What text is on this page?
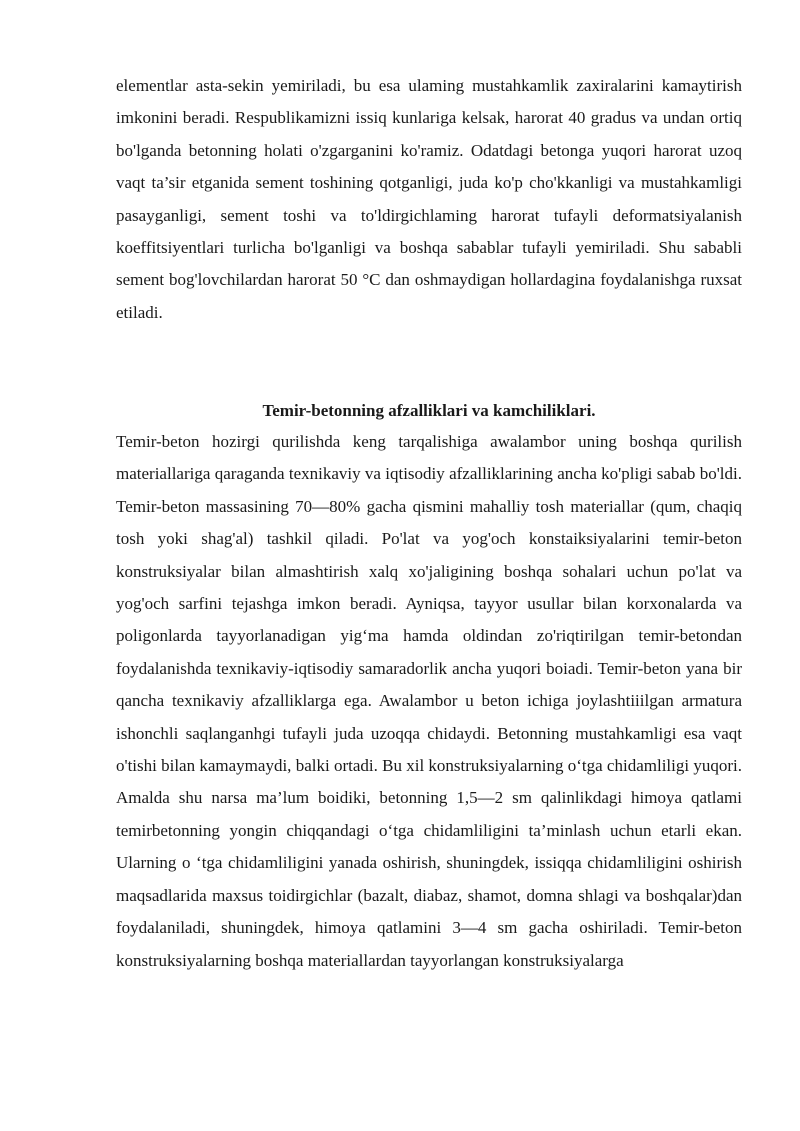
elementlar asta-sekin yemiriladi, bu esa ulaming mustahkamlik zaxiralarini kamaytirish imkonini beradi. Respublikamizni issiq kunlariga kelsak, harorat 40 gradus va undan ortiq bo'lganda betonning holati o'zgarganini ko'ramiz. Odatdagi betonga yuqori harorat uzoq vaqt ta’sir etganida sement toshining qotganligi, juda ko'p cho'kkanligi va mustahkamligi pasayganligi, sement toshi va to'ldirgichlaming harorat tufayli deformatsiyalanish koeffitsiyentlari turlicha bo'lganligi va boshqa sabablar tufayli yemiriladi. Shu sababli sement bog'lovchilardan harorat 50 °C dan oshmaydigan hollardagina foydalanishga ruxsat etiladi.

Temir-betonning afzalliklari va kamchiliklari.

Temir-beton hozirgi qurilishda keng tarqalishiga awalambor uning boshqa qurilish materiallariga qaraganda texnikaviy va iqtisodiy afzalliklarining ancha ko'pligi sabab bo'ldi. Temir-beton massasining 70—80% gacha qismini mahalliy tosh materiallar (qum, chaqiq tosh yoki shag'al) tashkil qiladi. Po'lat va yog'och konstaiksiyalarini temir-beton konstruksiyalar bilan almashtirish xalq xo'jaligining boshqa sohalari uchun po'lat va yog'och sarfini tejashga imkon beradi. Ayniqsa, tayyor usullar bilan korxonalarda va poligonlarda tayyorlanadigan yig‘ma hamda oldindan zo'riqtirilgan temir-betondan foydalanishda texnikaviy-iqtisodiy samaradorlik ancha yuqori boiadi. Temir-beton yana bir qancha texnikaviy afzalliklarga ega. Awalambor u beton ichiga joylashtiiilgan armatura ishonchli saqlanganhgi tufayli juda uzoqqa chidaydi. Betonning mustahkamligi esa vaqt o'tishi bilan kamaymaydi, balki ortadi. Bu xil konstruksiyalarning o‘tga chidamliligi yuqori. Amalda shu narsa ma’lum boidiki, betonning 1,5—2 sm qalinlikdagi himoya qatlami temirbetonning yongin chiqqandagi o‘tga chidamliligini ta’minlash uchun etarli ekan. Ularning o ‘tga chidamliligini yanada oshirish, shuningdek, issiqqa chidamliligini oshirish maqsadlarida maxsus toidirgichlar (bazalt, diabaz, shamot, domna shlagi va boshqalar)dan foydalaniladi, shuningdek, himoya qatlamini 3—4 sm gacha oshiriladi. Temir-beton konstruksiyalarning boshqa materiallardan tayyorlangan konstruksiyalarga
